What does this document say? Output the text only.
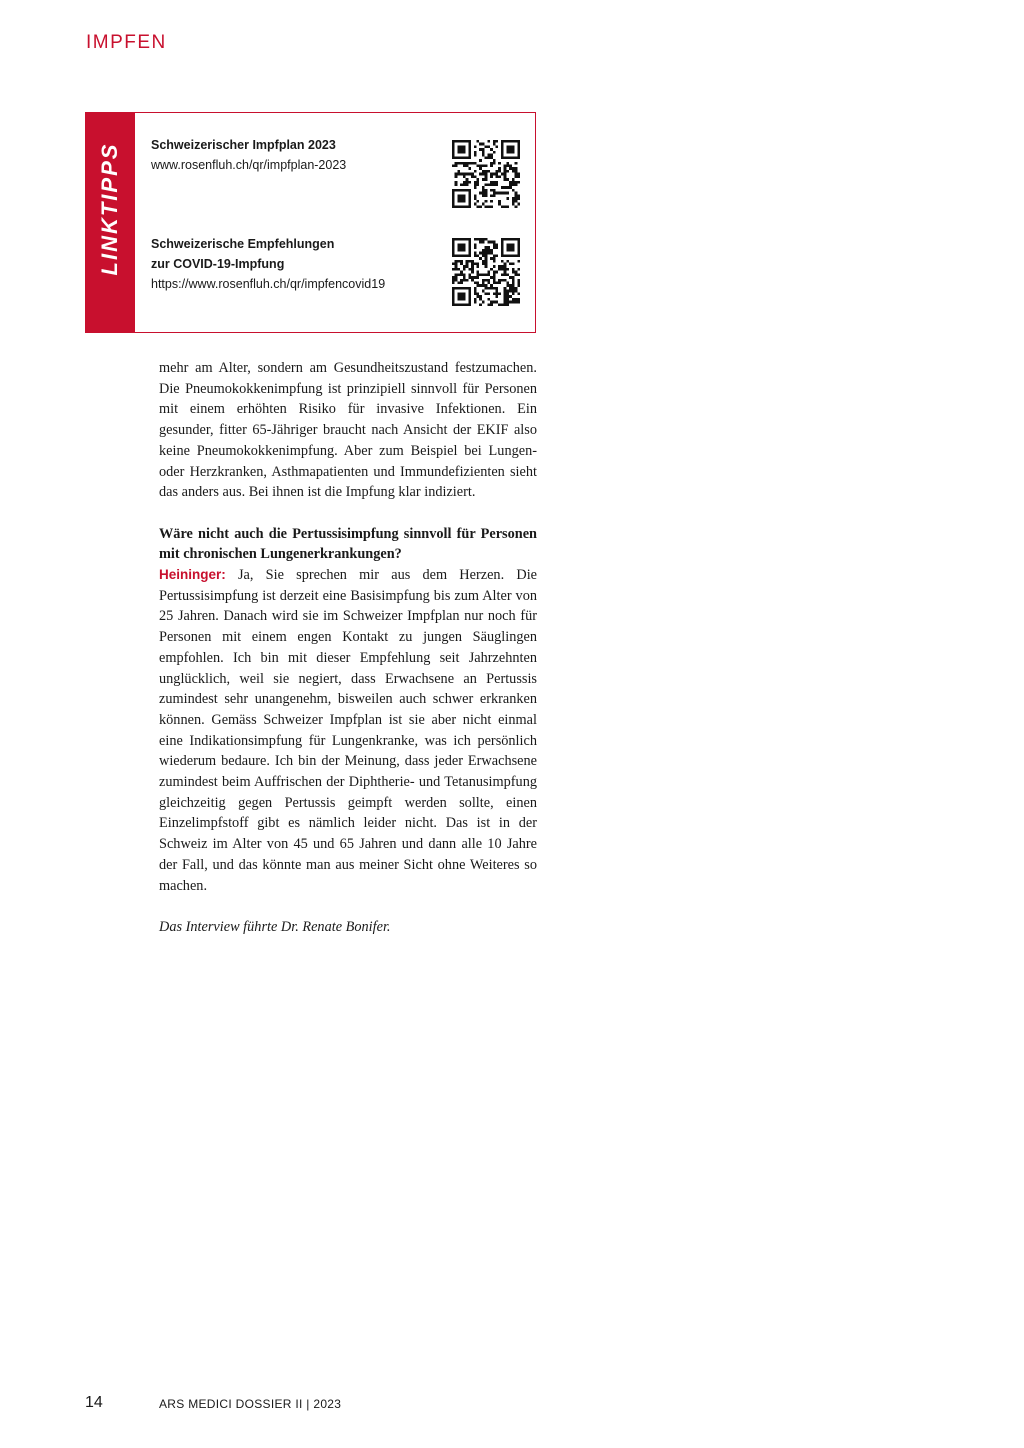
IMPFEN
LINKTIPPS Schweizerischer Impfplan 2023
www.rosenfluh.ch/qr/impfplan-2023
Schweizerische Empfehlungen
zur COVID-19-Impfung
https://www.rosenfluh.ch/qr/impfencovid19

mehr am Alter, sondern am Gesundheitszustand festzumachen. Die Pneumokokkenimpfung ist prinzipiell sinnvoll für Personen mit einem erhöhten Risiko für invasive Infektionen. Ein gesunder, fitter 65-Jähriger braucht nach Ansicht der EKIF also keine Pneumokokkenimpfung. Aber zum Beispiel bei Lungen- oder Herzkranken, Asthmapatienten und Immundefizienten sieht das anders aus. Bei ihnen ist die Impfung klar indiziert.

Wäre nicht auch die Pertussisimpfung sinnvoll für Personen mit chronischen Lungenerkrankungen?

Heininger: Ja, Sie sprechen mir aus dem Herzen. Die Pertussisimpfung ist derzeit eine Basisimpfung bis zum Alter von 25 Jahren. Danach wird sie im Schweizer Impfplan nur noch für Personen mit einem engen Kontakt zu jungen Säuglingen empfohlen. Ich bin mit dieser Empfehlung seit Jahrzehnten unglücklich, weil sie negiert, dass Erwachsene an Pertussis zumindest sehr unangenehm, bisweilen auch schwer erkranken können. Gemäss Schweizer Impfplan ist sie aber nicht einmal eine Indikationsimpfung für Lungenkranke, was ich persönlich wiederum bedaure. Ich bin der Meinung, dass jeder Erwachsene zumindest beim Auffrischen der Diphtherie- und Tetanusimpfung gleichzeitig gegen Pertussis geimpft werden sollte, einen Einzelimpfstoff gibt es nämlich leider nicht. Das ist in der Schweiz im Alter von 45 und 65 Jahren und dann alle 10 Jahre der Fall, und das könnte man aus meiner Sicht ohne Weiteres so machen.

Das Interview führte Dr. Renate Bonifer.

14	ARS MEDICI DOSSIER II | 2023
